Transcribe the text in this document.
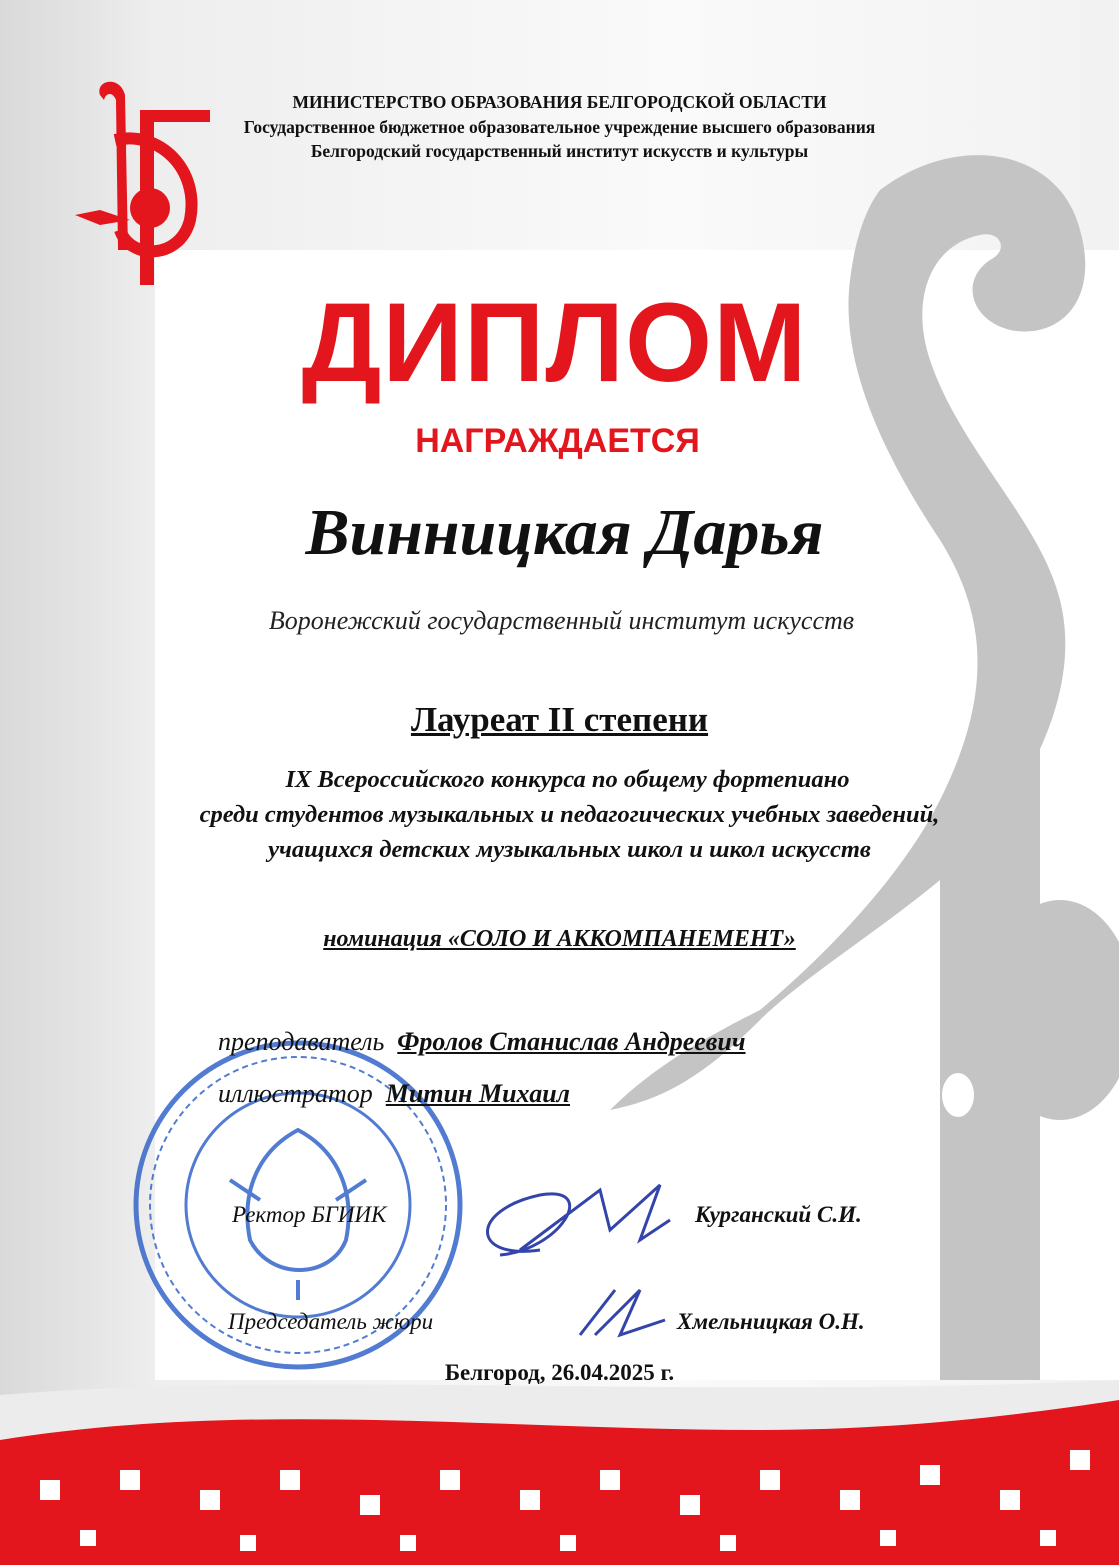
МИНИСТЕРСТВО ОБРАЗОВАНИЯ БЕЛГОРОДСКОЙ ОБЛАСТИ
Государственное бюджетное образовательное учреждение высшего образования
Белгородский государственный институт искусств и культуры
ДИПЛОМ
НАГРАЖДАЕТСЯ
Винницкая Дарья
Воронежский государственный институт искусств
Лауреат II степени
IX Всероссийского конкурса по общему фортепиано
среди студентов музыкальных и педагогических учебных заведений,
учащихся детских музыкальных школ и школ искусств
номинация «СОЛО И АККОМПАНЕМЕНТ»
преподаватель Фролов Станислав Андреевич
иллюстратор Митин Михаил
Ректор БГИИК	Курганский С.И.
Председатель жюри	Хмельницкая О.Н.
Белгород, 26.04.2025 г.
